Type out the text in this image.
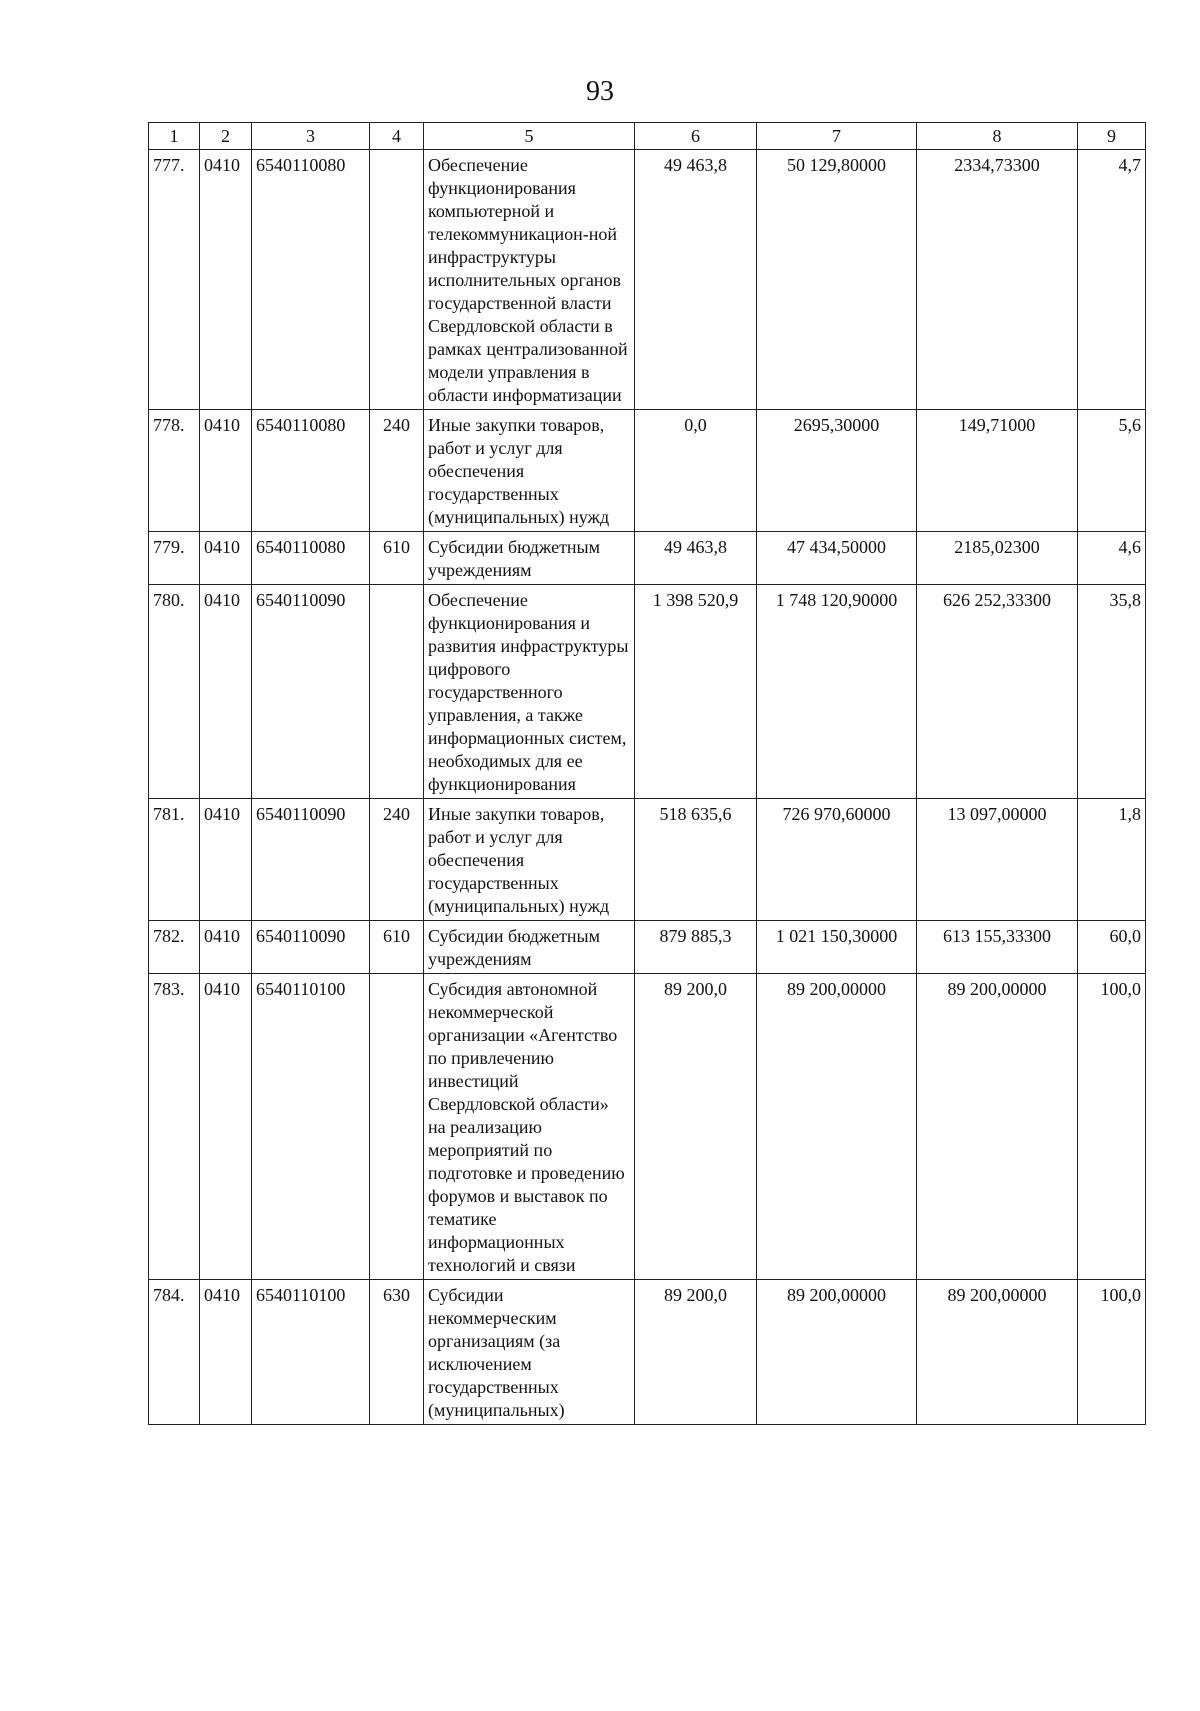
93
1	2	3	4	5	6	7	8	9
777.	0410	6540110080		Обеспечение функционирования компьютерной и телекоммуникацион-ной инфраструктуры исполнительных органов государственной власти Свердловской области в рамках централизованной модели управления в области информатизации	49 463,8	50 129,80000	2334,73300	4,7
778.	0410	6540110080	240	Иные закупки товаров, работ и услуг для обеспечения государственных (муниципальных) нужд	0,0	2695,30000	149,71000	5,6
779.	0410	6540110080	610	Субсидии бюджетным учреждениям	49 463,8	47 434,50000	2185,02300	4,6
780.	0410	6540110090		Обеспечение функционирования и развития инфраструктуры цифрового государственного управления, а также информационных систем, необходимых для ее функционирования	1 398 520,9	1 748 120,90000	626 252,33300	35,8
781.	0410	6540110090	240	Иные закупки товаров, работ и услуг для обеспечения государственных (муниципальных) нужд	518 635,6	726 970,60000	13 097,00000	1,8
782.	0410	6540110090	610	Субсидии бюджетным учреждениям	879 885,3	1 021 150,30000	613 155,33300	60,0
783.	0410	6540110100		Субсидия автономной некоммерческой организации «Агентство по привлечению инвестиций Свердловской области» на реализацию мероприятий по подготовке и проведению форумов и выставок по тематике информационных технологий и связи	89 200,0	89 200,00000	89 200,00000	100,0
784.	0410	6540110100	630	Субсидии некоммерческим организациям (за исключением государственных (муниципальных)	89 200,0	89 200,00000	89 200,00000	100,0
